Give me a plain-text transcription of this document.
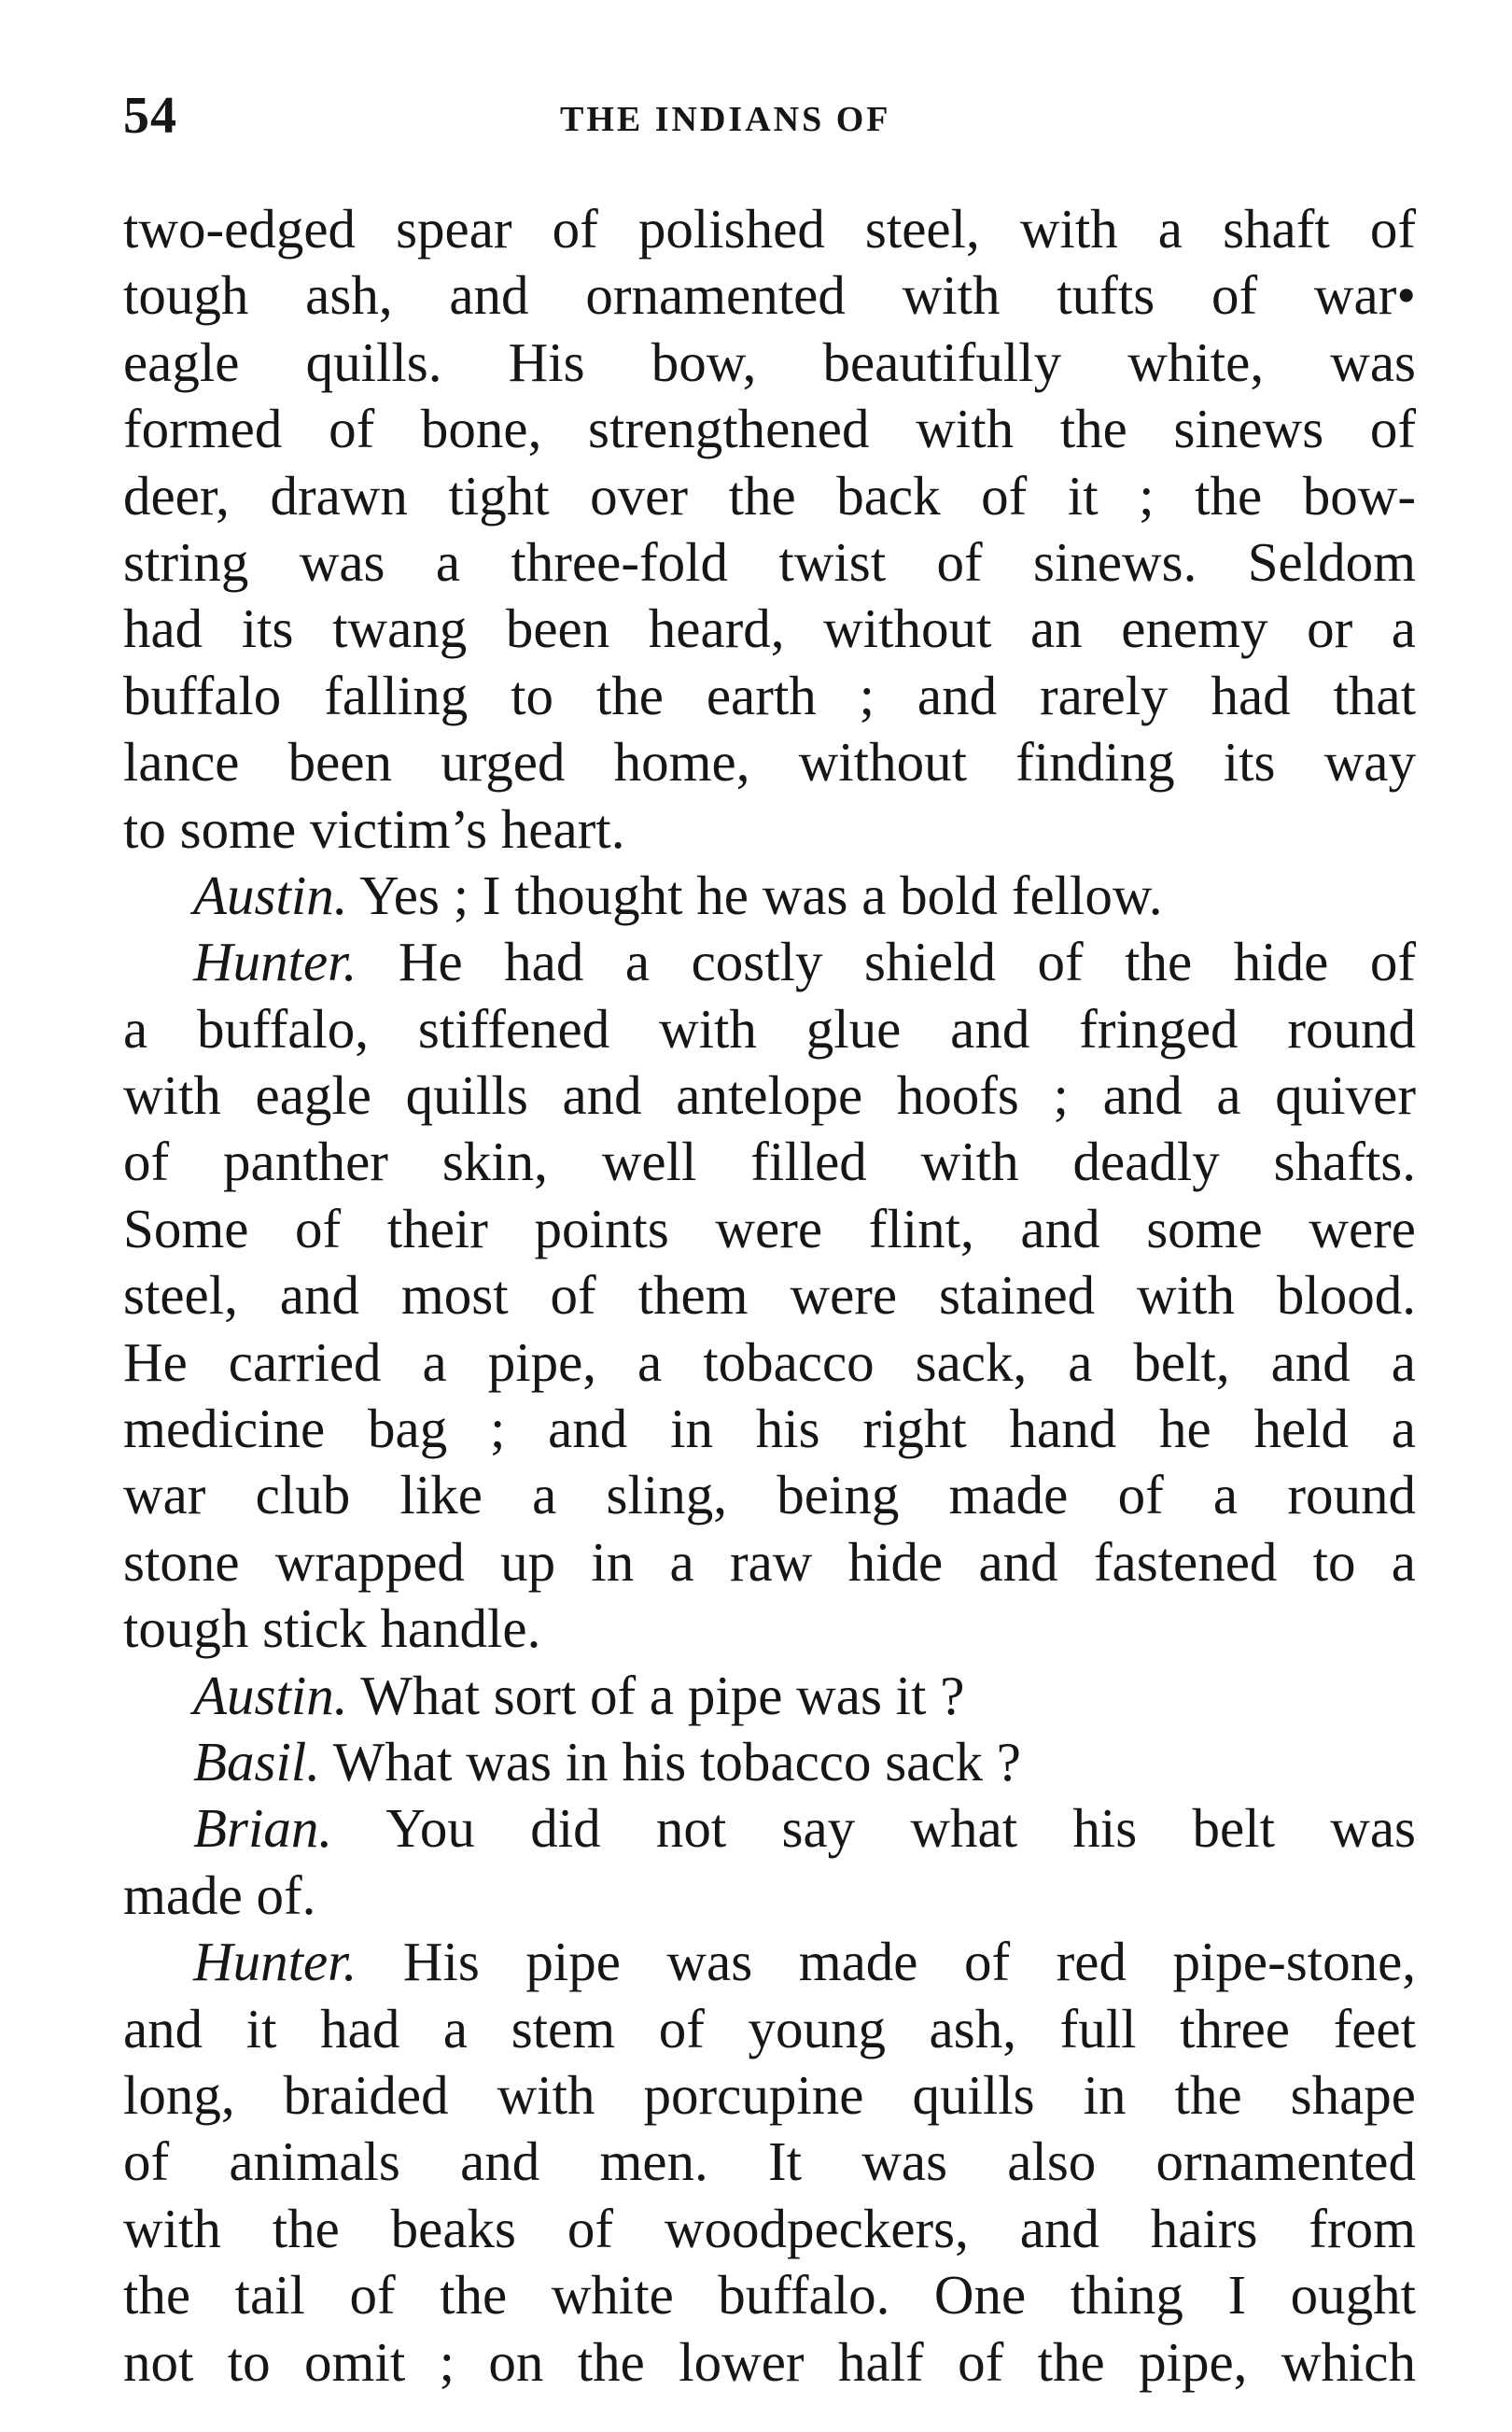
54	THE INDIANS OF
two-edged spear of polished steel, with a shaft of
tough ash, and ornamented with tufts of war•
eagle quills. His bow, beautifully white, was
formed of bone, strengthened with the sinews of
deer, drawn tight over the back of it ; the bow-
string was a three-fold twist of sinews. Seldom
had its twang been heard, without an enemy or a
buffalo falling to the earth ; and rarely had that
lance been urged home, without finding its way
to some victim’s heart.
Austin. Yes ; I thought he was a bold fellow.
Hunter. He had a costly shield of the hide of
a buffalo, stiffened with glue and fringed round
with eagle quills and antelope hoofs ; and a quiver
of panther skin, well filled with deadly shafts.
Some of their points were flint, and some were
steel, and most of them were stained with blood.
He carried a pipe, a tobacco sack, a belt, and a
medicine bag ; and in his right hand he held a
war club like a sling, being made of a round
stone wrapped up in a raw hide and fastened to a
tough stick handle.
Austin. What sort of a pipe was it ?
Basil. What was in his tobacco sack ?
Brian. You did not say what his belt was
made of.
Hunter. His pipe was made of red pipe-stone,
and it had a stem of young ash, full three feet
long, braided with porcupine quills in the shape
of animals and men. It was also ornamented
with the beaks of woodpeckers, and hairs from
the tail of the white buffalo. One thing I ought
not to omit ; on the lower half of the pipe, which
